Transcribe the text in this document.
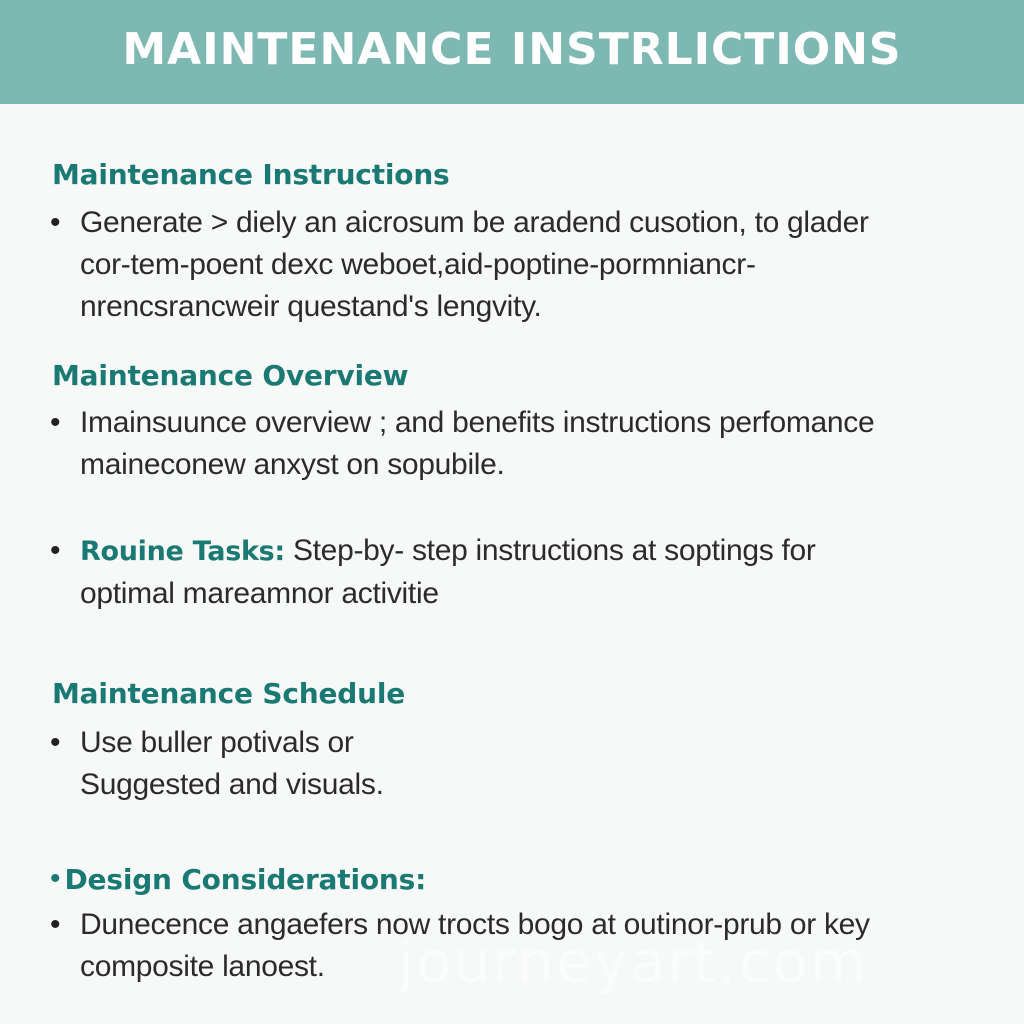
MAINTENANCE INSTRLICTIONS
Maintenance Instructions
• Generate > diely an aicrosum be aradend cusotion, to glader
cor-tem-poent dexc weboet,aid-poptine-pormniancr-
nrencsrancweir questand's lengvity.
Maintenance Overview
• Imainsuunce overview ; and benefits instructions perfomance
maineconew anxyst on sopubile.
• Rouine Tasks: Step-by- step instructions at soptings for
optimal mareamnor activitie
Maintenance Schedule
• Use buller potivals or
Suggested and visuals.
• Design Considerations:
• Dunecence angaefers now trocts bogo at outinor-prub or key
composite lanoest.	journeyart.com
